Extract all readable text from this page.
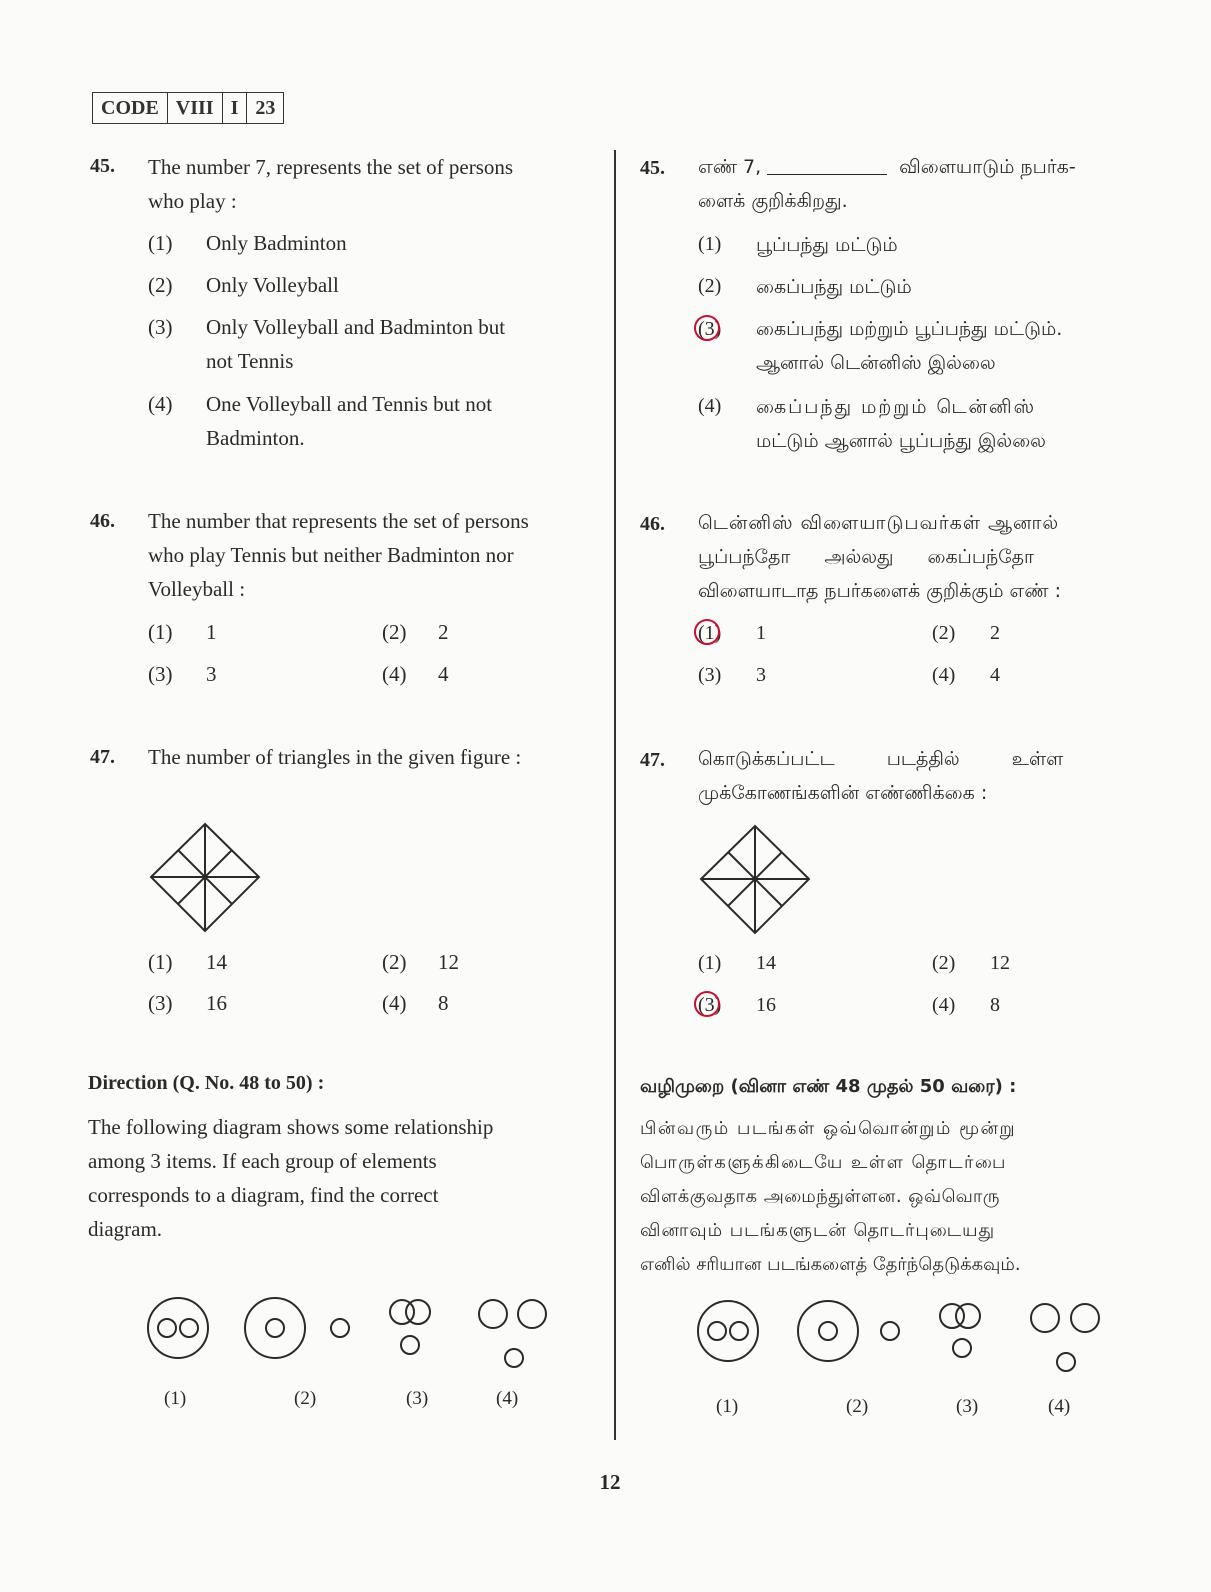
CODE VIII I 23
45. The number 7, represents the set of persons
who play :
(1) Only Badminton
(2) Only Volleyball
(3) Only Volleyball and Badminton but
not Tennis
(4) One Volleyball and Tennis but not
Badminton.
46. The number that represents the set of persons
who play Tennis but neither Badminton nor
Volleyball :
(1) 1	(2) 2
(3) 3	(4) 4
47. The number of triangles in the given figure :
(1) 14	(2) 12
(3) 16	(4) 8
Direction (Q. No. 48 to 50) :
The following diagram shows some relationship
among 3 items. If each group of elements
corresponds to a diagram, find the correct
diagram.
(1)	(2)	(3)	(4)
45. எண் 7,	விளையாடும் நபர்க-
ளைக் குறிக்கிறது.
(1) பூப்பந்து மட்டும்
(2) கைப்பந்து மட்டும்
(3) கைப்பந்து மற்றும் பூப்பந்து மட்டும்.
ஆனால் டென்னிஸ் இல்லை
(4) கைப்பந்து மற்றும் டென்னிஸ்
மட்டும் ஆனால் பூப்பந்து இல்லை
46. டென்னிஸ் விளையாடுபவர்கள் ஆனால்
பூப்பந்தோ அல்லது கைப்பந்தோ
விளையாடாத நபர்களைக் குறிக்கும் எண் :
(1) 1	(2) 2
(3) 3	(4) 4
47. கொடுக்கப்பட்ட படத்தில் உள்ள
முக்கோணங்களின் எண்ணிக்கை :
(1) 14	(2) 12
(3) 16	(4) 8
வழிமுறை (வினா எண் 48 முதல் 50 வரை) :
பின்வரும் படங்கள் ஒவ்வொன்றும் மூன்று
பொருள்களுக்கிடையே உள்ள தொடர்பை
விளக்குவதாக அமைந்துள்ளன. ஒவ்வொரு
வினாவும் படங்களுடன் தொடர்புடையது
எனில் சரியான படங்களைத் தேர்ந்தெடுக்கவும்.
(1)	(2)	(3)	(4)
12
